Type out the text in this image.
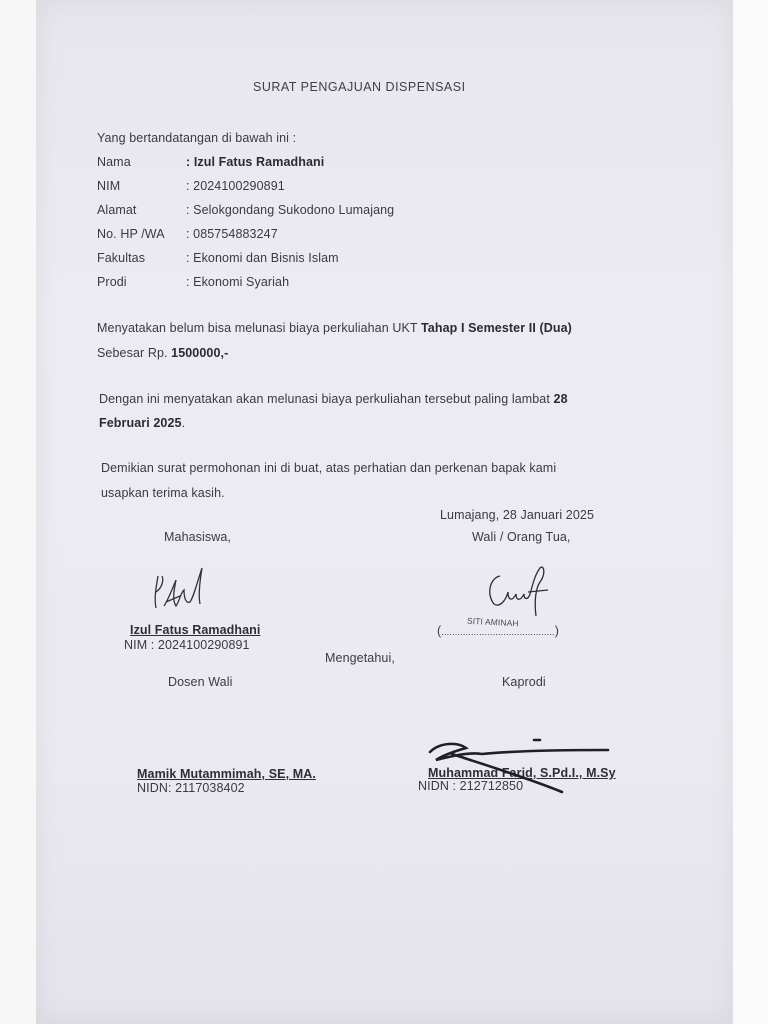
SURAT PENGAJUAN DISPENSASI
Yang bertandatangan di bawah ini :
Nama	: Izul Fatus Ramadhani
NIM	: 2024100290891
Alamat	: Selokgondang Sukodono Lumajang
No. HP /WA : 085754883247
Fakultas	: Ekonomi dan Bisnis Islam
Prodi	: Ekonomi Syariah
Menyatakan belum bisa melunasi biaya perkuliahan UKT Tahap I Semester II (Dua)
Sebesar Rp. 1500000,-
Dengan ini menyatakan akan melunasi biaya perkuliahan tersebut paling lambat 28
Februari 2025.
Demikian surat permohonan ini di buat, atas perhatian dan perkenan bapak kami
usapkan terima kasih.
Lumajang, 28 Januari 2025
Mahasiswa,	Wali / Orang Tua,
Izul Fatus Ramadhani
NIM : 2024100290891
(..........................................)
SITI AMINAH
Mengetahui,
Dosen Wali	Kaprodi
Mamik Mutammimah, SE, MA.
NIDN: 2117038402
Muhammad Farid, S.Pd.I., M.Sy
NIDN : 212712850
